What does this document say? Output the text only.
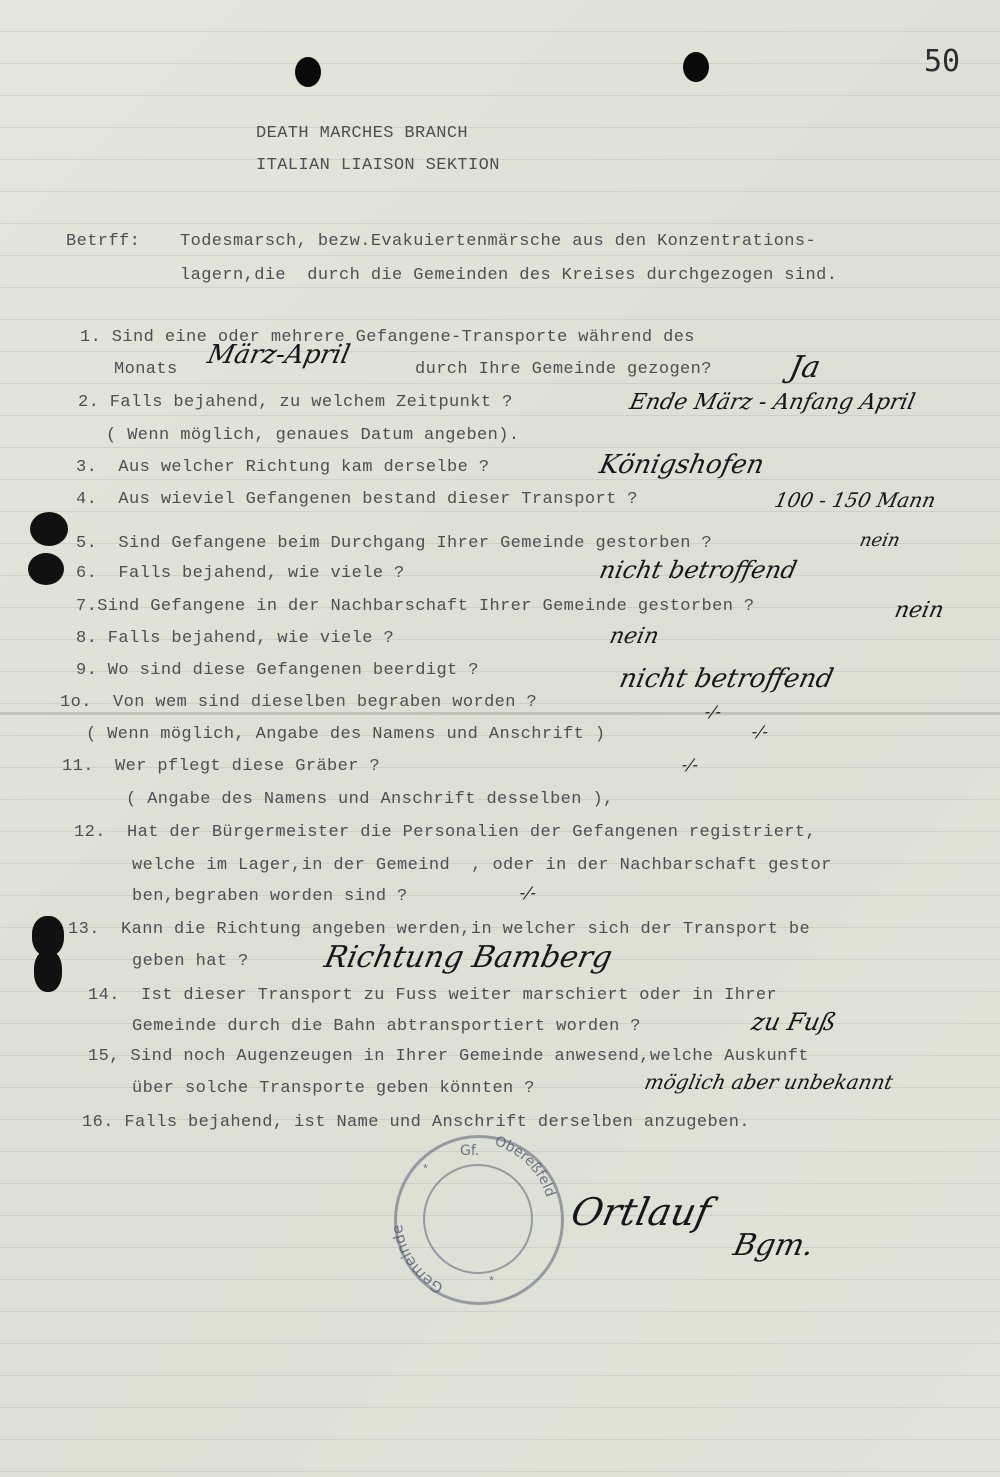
50
DEATH MARCHES BRANCH
ITALIAN LIAISON SEKTION
Betrff: Todesmarsch, bezw.Evakuiertenmärsche aus den Konzentrations-
lagern,die  durch die Gemeinden des Kreises durchgezogen sind.
1. Sind eine oder mehrere Gefangene-Transporte während des
Monats	durch Ihre Gemeinde gezogen?
2. Falls bejahend, zu welchem Zeitpunkt ?
( Wenn möglich, genaues Datum angeben).
3.  Aus welcher Richtung kam derselbe ?
4.  Aus wieviel Gefangenen bestand dieser Transport ?
5.  Sind Gefangene beim Durchgang Ihrer Gemeinde gestorben ?
6.  Falls bejahend, wie viele ?
7.Sind Gefangene in der Nachbarschaft Ihrer Gemeinde gestorben ?
8. Falls bejahend, wie viele ?
9. Wo sind diese Gefangenen beerdigt ?
1o.  Von wem sind dieselben begraben worden ?
( Wenn möglich, Angabe des Namens und Anschrift )
11.  Wer pflegt diese Gräber ?
( Angabe des Namens und Anschrift desselben ),
12.  Hat der Bürgermeister die Personalien der Gefangenen registriert,
welche im Lager,in der Gemeind  , oder in der Nachbarschaft gestor
ben,begraben worden sind ?
13.  Kann die Richtung angeben werden,in welcher sich der Transport be
geben hat ?
14.  Ist dieser Transport zu Fuss weiter marschiert oder in Ihrer
Gemeinde durch die Bahn abtransportiert worden ?
15, Sind noch Augenzeugen in Ihrer Gemeinde anwesend,welche Auskunft
über solche Transporte geben könnten ?
16. Falls bejahend, ist Name und Anschrift derselben anzugeben.
März-April	Ja
Ende März - Anfang April
Königshofen
100 - 150 Mann
nein
nicht betroffend
nein
nein
nicht betroffend
-/-
-/-
-/-
-/-
Richtung Bamberg
zu Fuß
möglich aber unbekannt
Gemeinde
Obereßfeld
Gf.
*
*
Ortlauf
Bgm.
